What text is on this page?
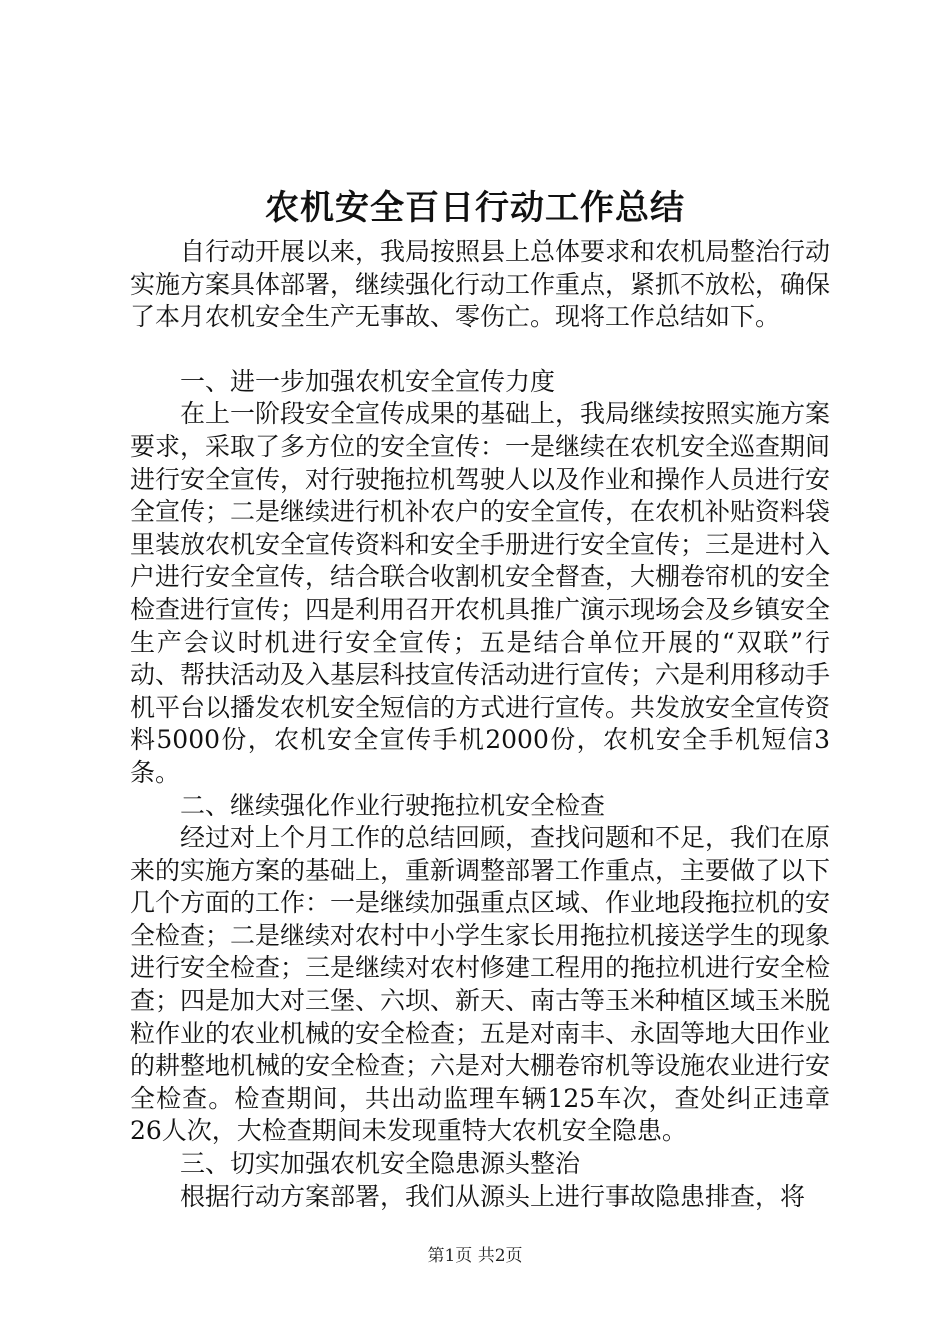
农机安全百日行动工作总结

自行动开展以来，我局按照县上总体要求和农机局整治行动实施方案具体部署，继续强化行动工作重点，紧抓不放松，确保了本月农机安全生产无事故、零伤亡。现将工作总结如下。

一、进一步加强农机安全宣传力度

在上一阶段安全宣传成果的基础上，我局继续按照实施方案要求，采取了多方位的安全宣传：一是继续在农机安全巡查期间进行安全宣传，对行驶拖拉机驾驶人以及作业和操作人员进行安全宣传；二是继续进行机补农户的安全宣传，在农机补贴资料袋里装放农机安全宣传资料和安全手册进行安全宣传；三是进村入户进行安全宣传，结合联合收割机安全督查，大棚卷帘机的安全检查进行宣传；四是利用召开农机具推广演示现场会及乡镇安全生产会议时机进行安全宣传；五是结合单位开展的“双联”行动、帮扶活动及入基层科技宣传活动进行宣传；六是利用移动手机平台以播发农机安全短信的方式进行宣传。共发放安全宣传资料5000份，农机安全宣传手机2000份，农机安全手机短信3条。

二、继续强化作业行驶拖拉机安全检查

经过对上个月工作的总结回顾，查找问题和不足，我们在原来的实施方案的基础上，重新调整部署工作重点，主要做了以下几个方面的工作：一是继续加强重点区域、作业地段拖拉机的安全检查；二是继续对农村中小学生家长用拖拉机接送学生的现象进行安全检查；三是继续对农村修建工程用的拖拉机进行安全检查；四是加大对三堡、六坝、新天、南古等玉米种植区域玉米脱粒作业的农业机械的安全检查；五是对南丰、永固等地大田作业的耕整地机械的安全检查；六是对大棚卷帘机等设施农业进行安全检查。检查期间，共出动监理车辆125车次，查处纠正违章26人次，大检查期间未发现重特大农机安全隐患。

三、切实加强农机安全隐患源头整治

根据行动方案部署，我们从源头上进行事故隐患排查，将

第1页 共2页
